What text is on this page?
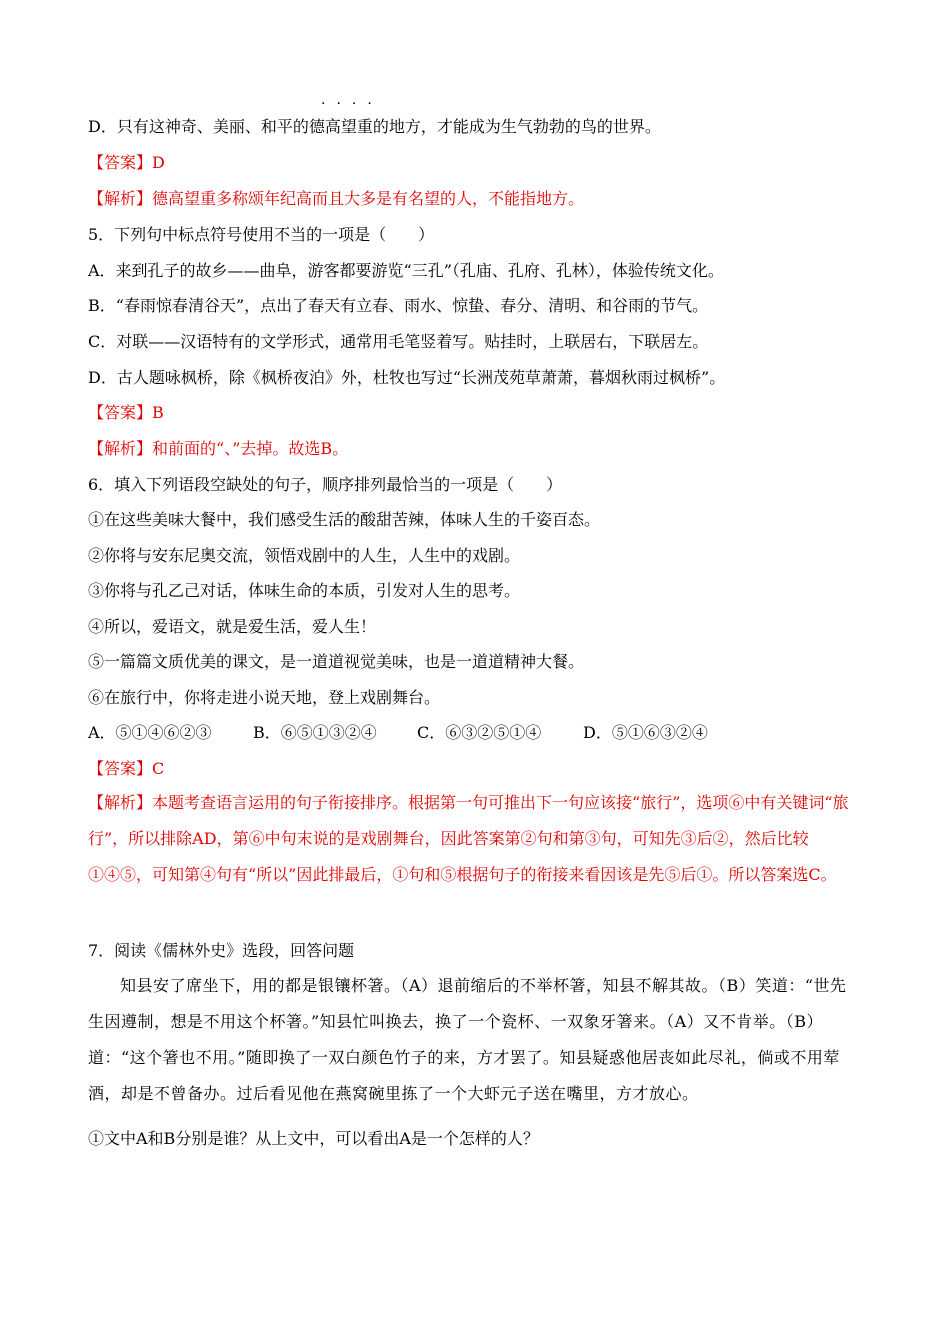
····
D．只有这神奇、美丽、和平的德高望重的地方，才能成为生气勃勃的鸟的世界。
【答案】D
【解析】德高望重多称颂年纪高而且大多是有名望的人，不能指地方。
5．下列句中标点符号使用不当的一项是（　　）
A．来到孔子的故乡——曲阜，游客都要游览“三孔”（孔庙、孔府、孔林），体验传统文化。
B．“春雨惊春清谷天”，点出了春天有立春、雨水、惊蛰、春分、清明、和谷雨的节气。
C．对联——汉语特有的文学形式，通常用毛笔竖着写。贴挂时，上联居右，下联居左。
D．古人题咏枫桥，除《枫桥夜泊》外，杜牧也写过“长洲茂苑草萧萧，暮烟秋雨过枫桥”。
【答案】B
【解析】和前面的“、”去掉。故选B。
6．填入下列语段空缺处的句子，顺序排列最恰当的一项是（　　）
①在这些美味大餐中，我们感受生活的酸甜苦辣，体味人生的千姿百态。
②你将与安东尼奥交流，领悟戏剧中的人生，人生中的戏剧。
③你将与孔乙己对话，体味生命的本质，引发对人生的思考。
④所以，爱语文，就是爱生活，爱人生！
⑤一篇篇文质优美的课文，是一道道视觉美味，也是一道道精神大餐。
⑥在旅行中，你将走进小说天地，登上戏剧舞台。
A．⑤①④⑥②③	B．⑥⑤①③②④	C．⑥③②⑤①④	D．⑤①⑥③②④
【答案】C
【解析】本题考查语言运用的句子衔接排序。根据第一句可推出下一句应该接“旅行”，选项⑥中有关键词“旅行”，所以排除AD，第⑥中句末说的是戏剧舞台，因此答案第②句和第③句，可知先③后②，然后比较①④⑤，可知第④句有“所以”因此排最后，①句和⑤根据句子的衔接来看因该是先⑤后①。所以答案选C。
7．阅读《儒林外史》选段，回答问题
知县安了席坐下，用的都是银镶杯箸。（A）退前缩后的不举杯箸，知县不解其故。（B）笑道：“世先生因遵制，想是不用这个杯箸。”知县忙叫换去，换了一个瓷杯、一双象牙箸来。（A）又不肯举。（B）道：“这个箸也不用。”随即换了一双白颜色竹子的来，方才罢了。知县疑惑他居丧如此尽礼，倘或不用荤酒，却是不曾备办。过后看见他在燕窝碗里拣了一个大虾元子送在嘴里，方才放心。
①文中A和B分别是谁？从上文中，可以看出A是一个怎样的人？
